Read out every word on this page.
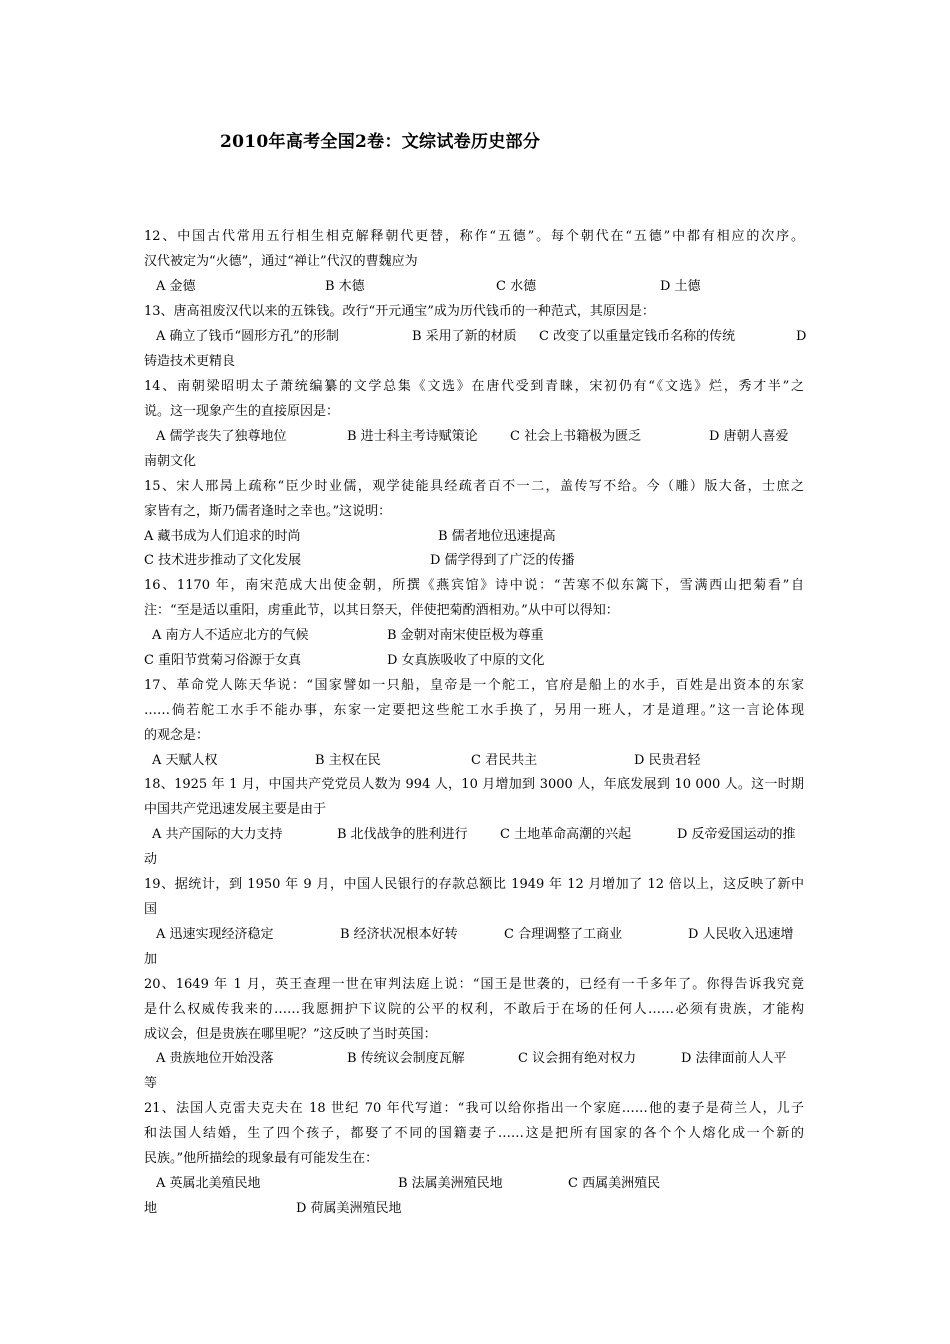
2010年高考全国2卷：文综试卷历史部分
12、中国古代常用五行相生相克解释朝代更替，称作“五德”。每个朝代在“五德”中都有相应的次序。
汉代被定为“火德”，通过“禅让”代汉的曹魏应为
A 金德	B 木德	C 水德	D 土德
13、唐高祖废汉代以来的五铢钱。改行“开元通宝”成为历代钱币的一种范式，其原因是：
A 确立了钱币“圆形方孔”的形制	B 采用了新的材质 C 改变了以重量定钱币名称的传统	D
铸造技术更精良
14、南朝梁昭明太子萧统编纂的文学总集《文选》在唐代受到青睐，宋初仍有“《文选》烂，秀才半”之
说。这一现象产生的直接原因是：
A 儒学丧失了独尊地位	B 进士科主考诗赋策论 C 社会上书籍极为匮乏	D 唐朝人喜爱
南朝文化
15、宋人邢昺上疏称“臣少时业儒，观学徒能具经疏者百不一二，盖传写不给。今（雕）版大备，士庶之
家皆有之，斯乃儒者逢时之幸也。”这说明：
A 藏书成为人们追求的时尚	B 儒者地位迅速提高
C 技术进步推动了文化发展	D 儒学得到了广泛的传播
16、1170 年，南宋范成大出使金朝，所撰《燕宾馆》诗中说：“苦寒不似东篱下，雪满西山把菊看”自
注：“至是适以重阳，虏重此节，以其日祭天，伴使把菊酌酒相劝。”从中可以得知：
A 南方人不适应北方的气候	B 金朝对南宋使臣极为尊重
C 重阳节赏菊习俗源于女真	D 女真族吸收了中原的文化
17、革命党人陈天华说：“国家譬如一只船，皇帝是一个舵工，官府是船上的水手，百姓是出资本的东家
……倘若舵工水手不能办事，东家一定要把这些舵工水手换了，另用一班人，才是道理。”这一言论体现
的观念是：
A 天赋人权	B 主权在民	C 君民共主	D 民贵君轻
18、1925 年 1 月，中国共产党党员人数为 994 人，10 月增加到 3000 人，年底发展到 10 000 人。这一时期
中国共产党迅速发展主要是由于
A 共产国际的大力支持	B 北伐战争的胜利进行 C 土地革命高潮的兴起	D 反帝爱国运动的推
动
19、据统计，到 1950 年 9 月，中国人民银行的存款总额比 1949 年 12 月增加了 12 倍以上，这反映了新中
国
A 迅速实现经济稳定	B 经济状况根本好转	C 合理调整了工商业	D 人民收入迅速增
加
20、1649 年 1 月，英王查理一世在审判法庭上说：“国王是世袭的，已经有一千多年了。你得告诉我究竟
是什么权威传我来的……我愿拥护下议院的公平的权利，不敢后于在场的任何人……必须有贵族，才能构
成议会，但是贵族在哪里呢？”这反映了当时英国：
A 贵族地位开始没落	B 传统议会制度瓦解	C 议会拥有绝对权力	D 法律面前人人平
等
21、法国人克雷夫克夫在 18 世纪 70 年代写道：“我可以给你指出一个家庭……他的妻子是荷兰人，儿子
和法国人结婚，生了四个孩子，都娶了不同的国籍妻子……这是把所有国家的各个个人熔化成一个新的
民族。”他所描绘的现象最有可能发生在：
A 英属北美殖民地	B 法属美洲殖民地	C 西属美洲殖民
地	D 荷属美洲殖民地
